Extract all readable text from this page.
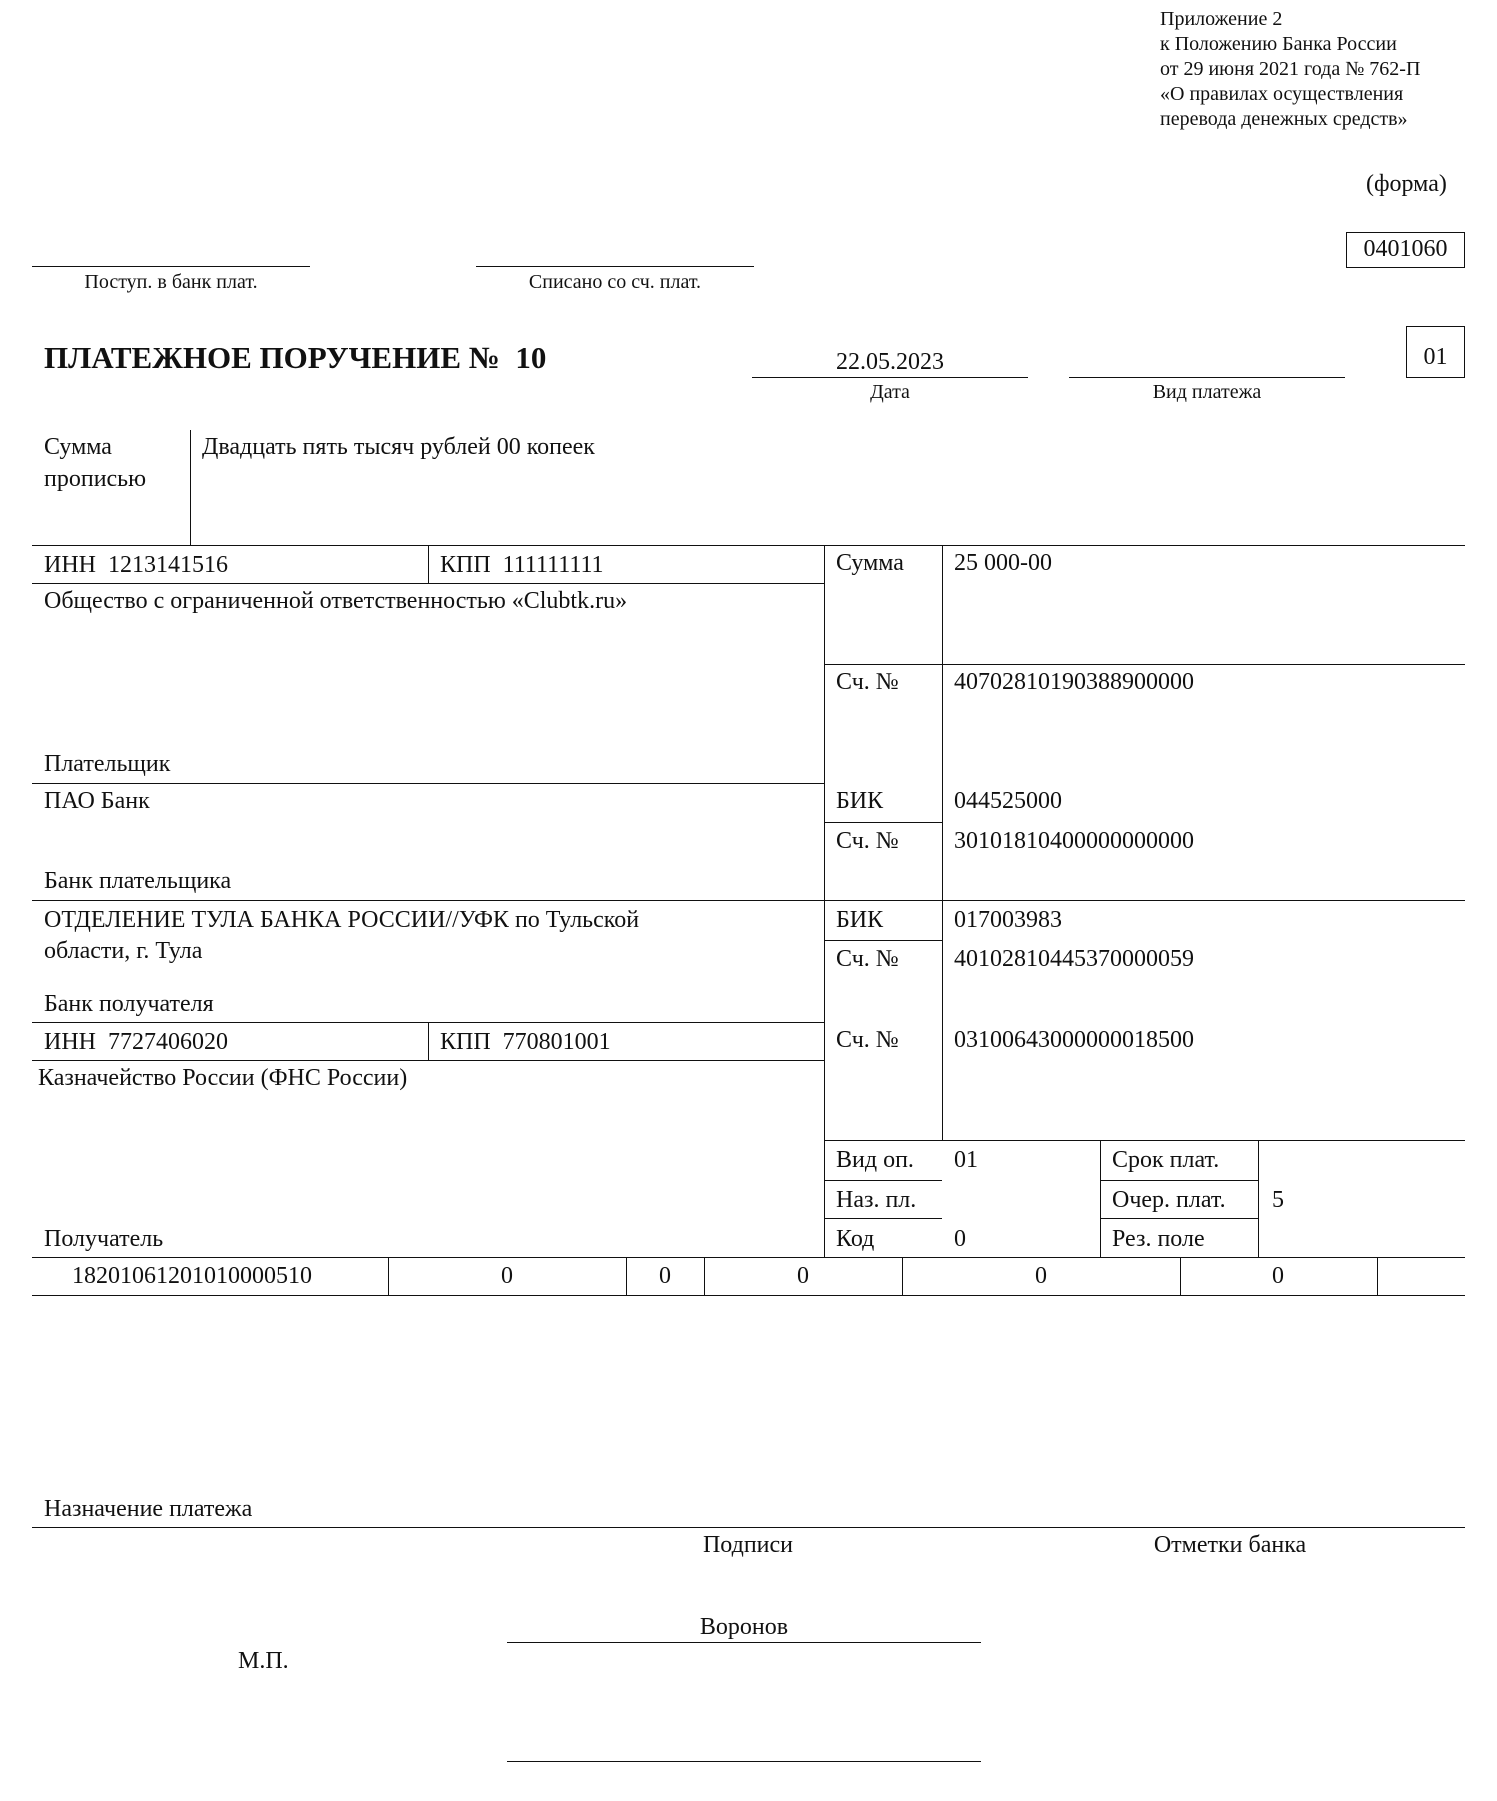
Приложение 2
к Положению Банка России
от 29 июня 2021 года № 762-П
«О правилах осуществления
перевода денежных средств»
(форма)
0401060
Поступ. в банк плат.	Списано со сч. плат.
ПЛАТЕЖНОЕ ПОРУЧЕНИЕ № 10	22.05.2023
Дата	Вид платежа
01
Сумма
прописью
Двадцать пять тысяч рублей 00 копеек
ИНН 1213141516	КПП 111111111
Общество с ограниченной ответственностью «Clubtk.ru»
Плательщик
Сумма 25 000-00
Сч. № 40702810190388900000
ПАО Банк
Банк плательщика
БИК	044525000
Сч. № 30101810400000000000
ОТДЕЛЕНИЕ ТУЛА БАНКА РОССИИ//УФК по Тульской
области, г. Тула
Банк получателя
БИК	017003983
Сч. № 40102810445370000059
ИНН 7727406020	КПП 770801001
Казначейство России (ФНС России)
Получатель
Сч. № 03100643000000018500
Вид оп. 01
Наз. пл.
Код	0
Срок плат.
Очер. плат. 5
Рез. поле
18201061201010000510	0	0	0	0	0
Назначение платежа
Подписи	Отметки банка
Воронов
М.П.
